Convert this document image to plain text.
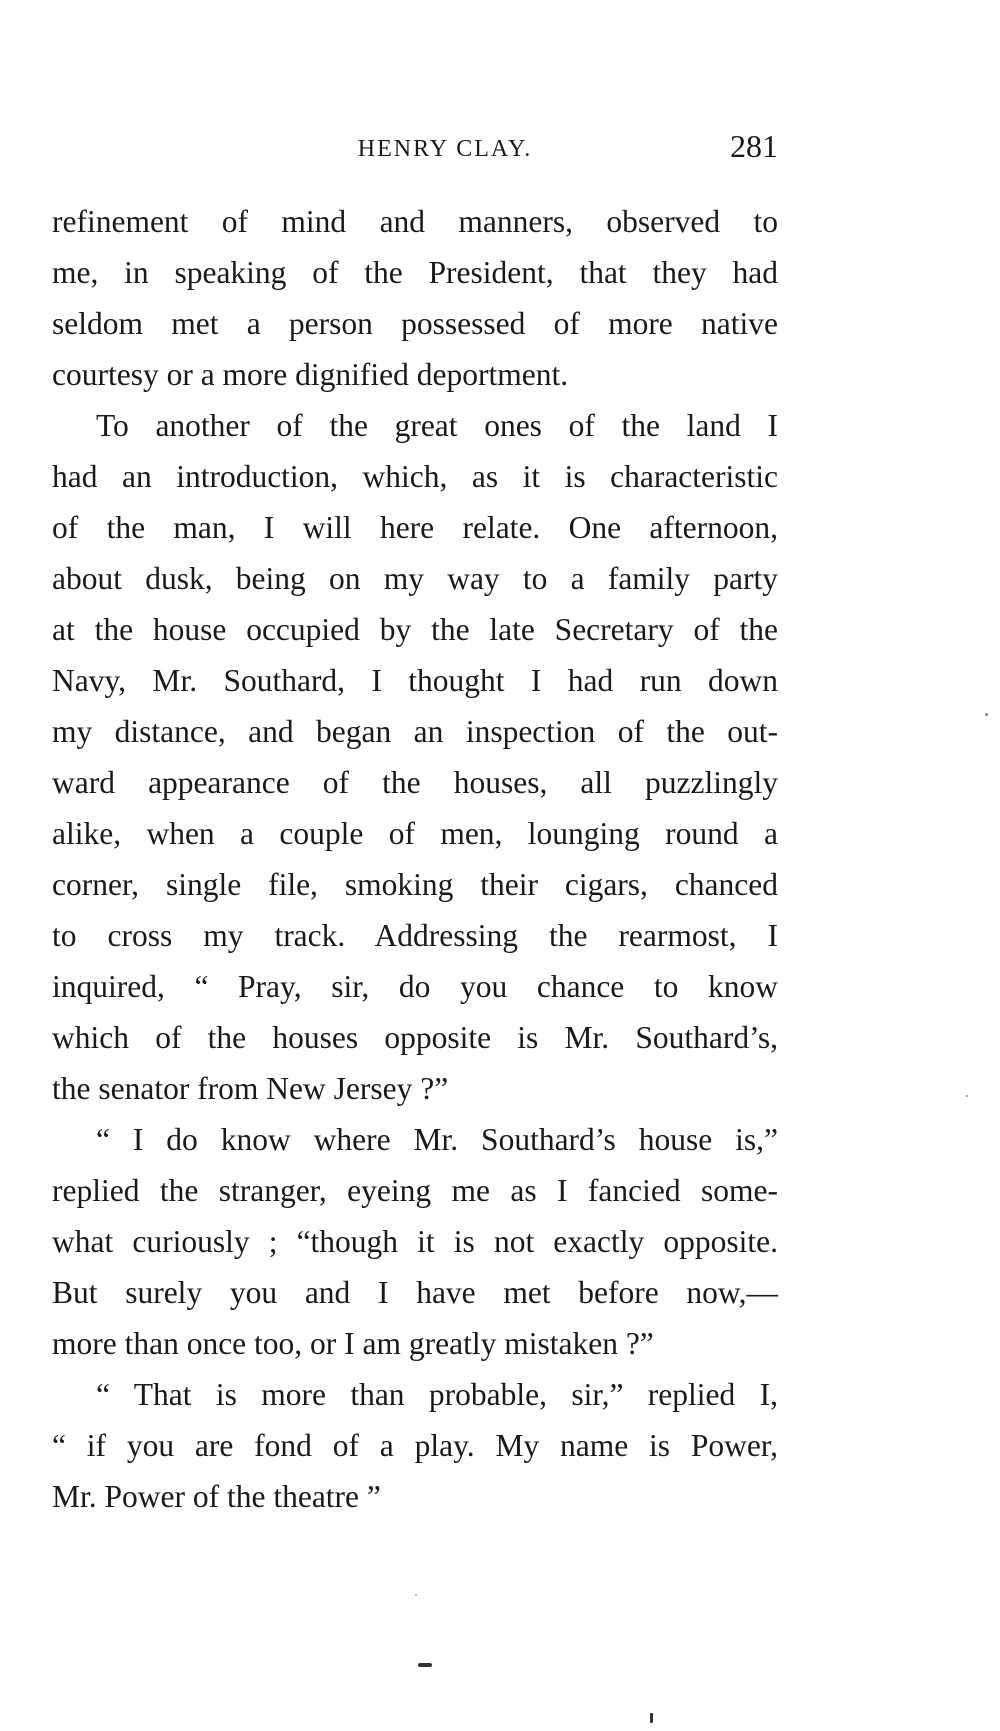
HENRY CLAY.	281
refinement of mind and manners, observed to
me, in speaking of the President, that they had
seldom met a person possessed of more native
courtesy or a more dignified deportment.
To another of the great ones of the land I
had an introduction, which, as it is characteristic
of the man, I will here relate. One afternoon,
about dusk, being on my way to a family party
at the house occupied by the late Secretary of the
Navy, Mr. Southard, I thought I had run down
my distance, and began an inspection of the out-
ward appearance of the houses, all puzzlingly
alike, when a couple of men, lounging round a
corner, single file, smoking their cigars, chanced
to cross my track. Addressing the rearmost, I
inquired, “ Pray, sir, do you chance to know
which of the houses opposite is Mr. Southard’s,
the senator from New Jersey ?”
“ I do know where Mr. Southard’s house is,”
replied the stranger, eyeing me as I fancied some-
what curiously ; “though it is not exactly opposite.
But surely you and I have met before now,—
more than once too, or I am greatly mistaken ?”
“ That is more than probable, sir,” replied I,
“ if you are fond of a play. My name is Power,
Mr. Power of the theatre ”
